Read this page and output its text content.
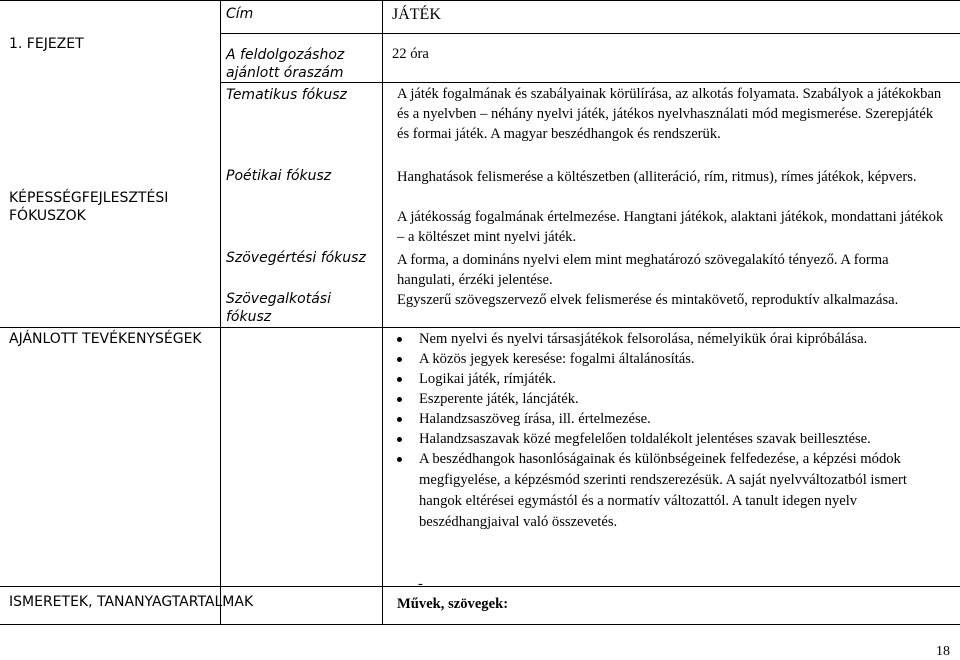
1. FEJEZET
KÉPESSÉGFEJLESZTÉSI FÓKUSZOK
AJÁNLOTT TEVÉKENYSÉGEK
ISMERETEK, TANANYAGTARTALMAK
Cím
A feldolgozáshoz ajánlott óraszám
Tematikus fókusz
Poétikai fókusz
Szövegértési fókusz
Szövegalkotási fókusz
JÁTÉK
22 óra
A játék fogalmának és szabályainak körülírása, az alkotás folyamata. Szabályok a játékokban és a nyelvben – néhány nyelvi játék, játékos nyelvhasználati mód megismerése. Szerepjáték és formai játék. A magyar beszédhangok és rendszerük.
Hanghatások felismerése a költészetben (alliteráció, rím, ritmus), rímes játékok, képvers.
A játékosság fogalmának értelmezése. Hangtani játékok, alaktani játékok, mondattani játékok – a költészet mint nyelvi játék.
A forma, a domináns nyelvi elem mint meghatározó szövegalakító tényező. A forma hangulati, érzéki jelentése.
Egyszerű szövegszervező elvek felismerése és mintakövető, reproduktív alkalmazása.
Nem nyelvi és nyelvi társasjátékok felsorolása, némelyikük órai kipróbálása.
A közös jegyek keresése: fogalmi általánosítás.
Logikai játék, rímjáték.
Eszperente játék, láncjáték.
Halandzsaszöveg írása, ill. értelmezése.
Halandzsaszavak közé megfelelően toldalékolt jelentéses szavak beillesztése.
A beszédhangok hasonlóságainak és különbségeinek felfedezése, a képzési módok megfigyelése, a képzésmód szerinti rendszerezésük. A saját nyelvváltozatból ismert hangok eltérései egymástól és a normatív változattól. A tanult idegen nyelv beszédhangjaival való összevetés.
-
Művek, szövegek:
18
